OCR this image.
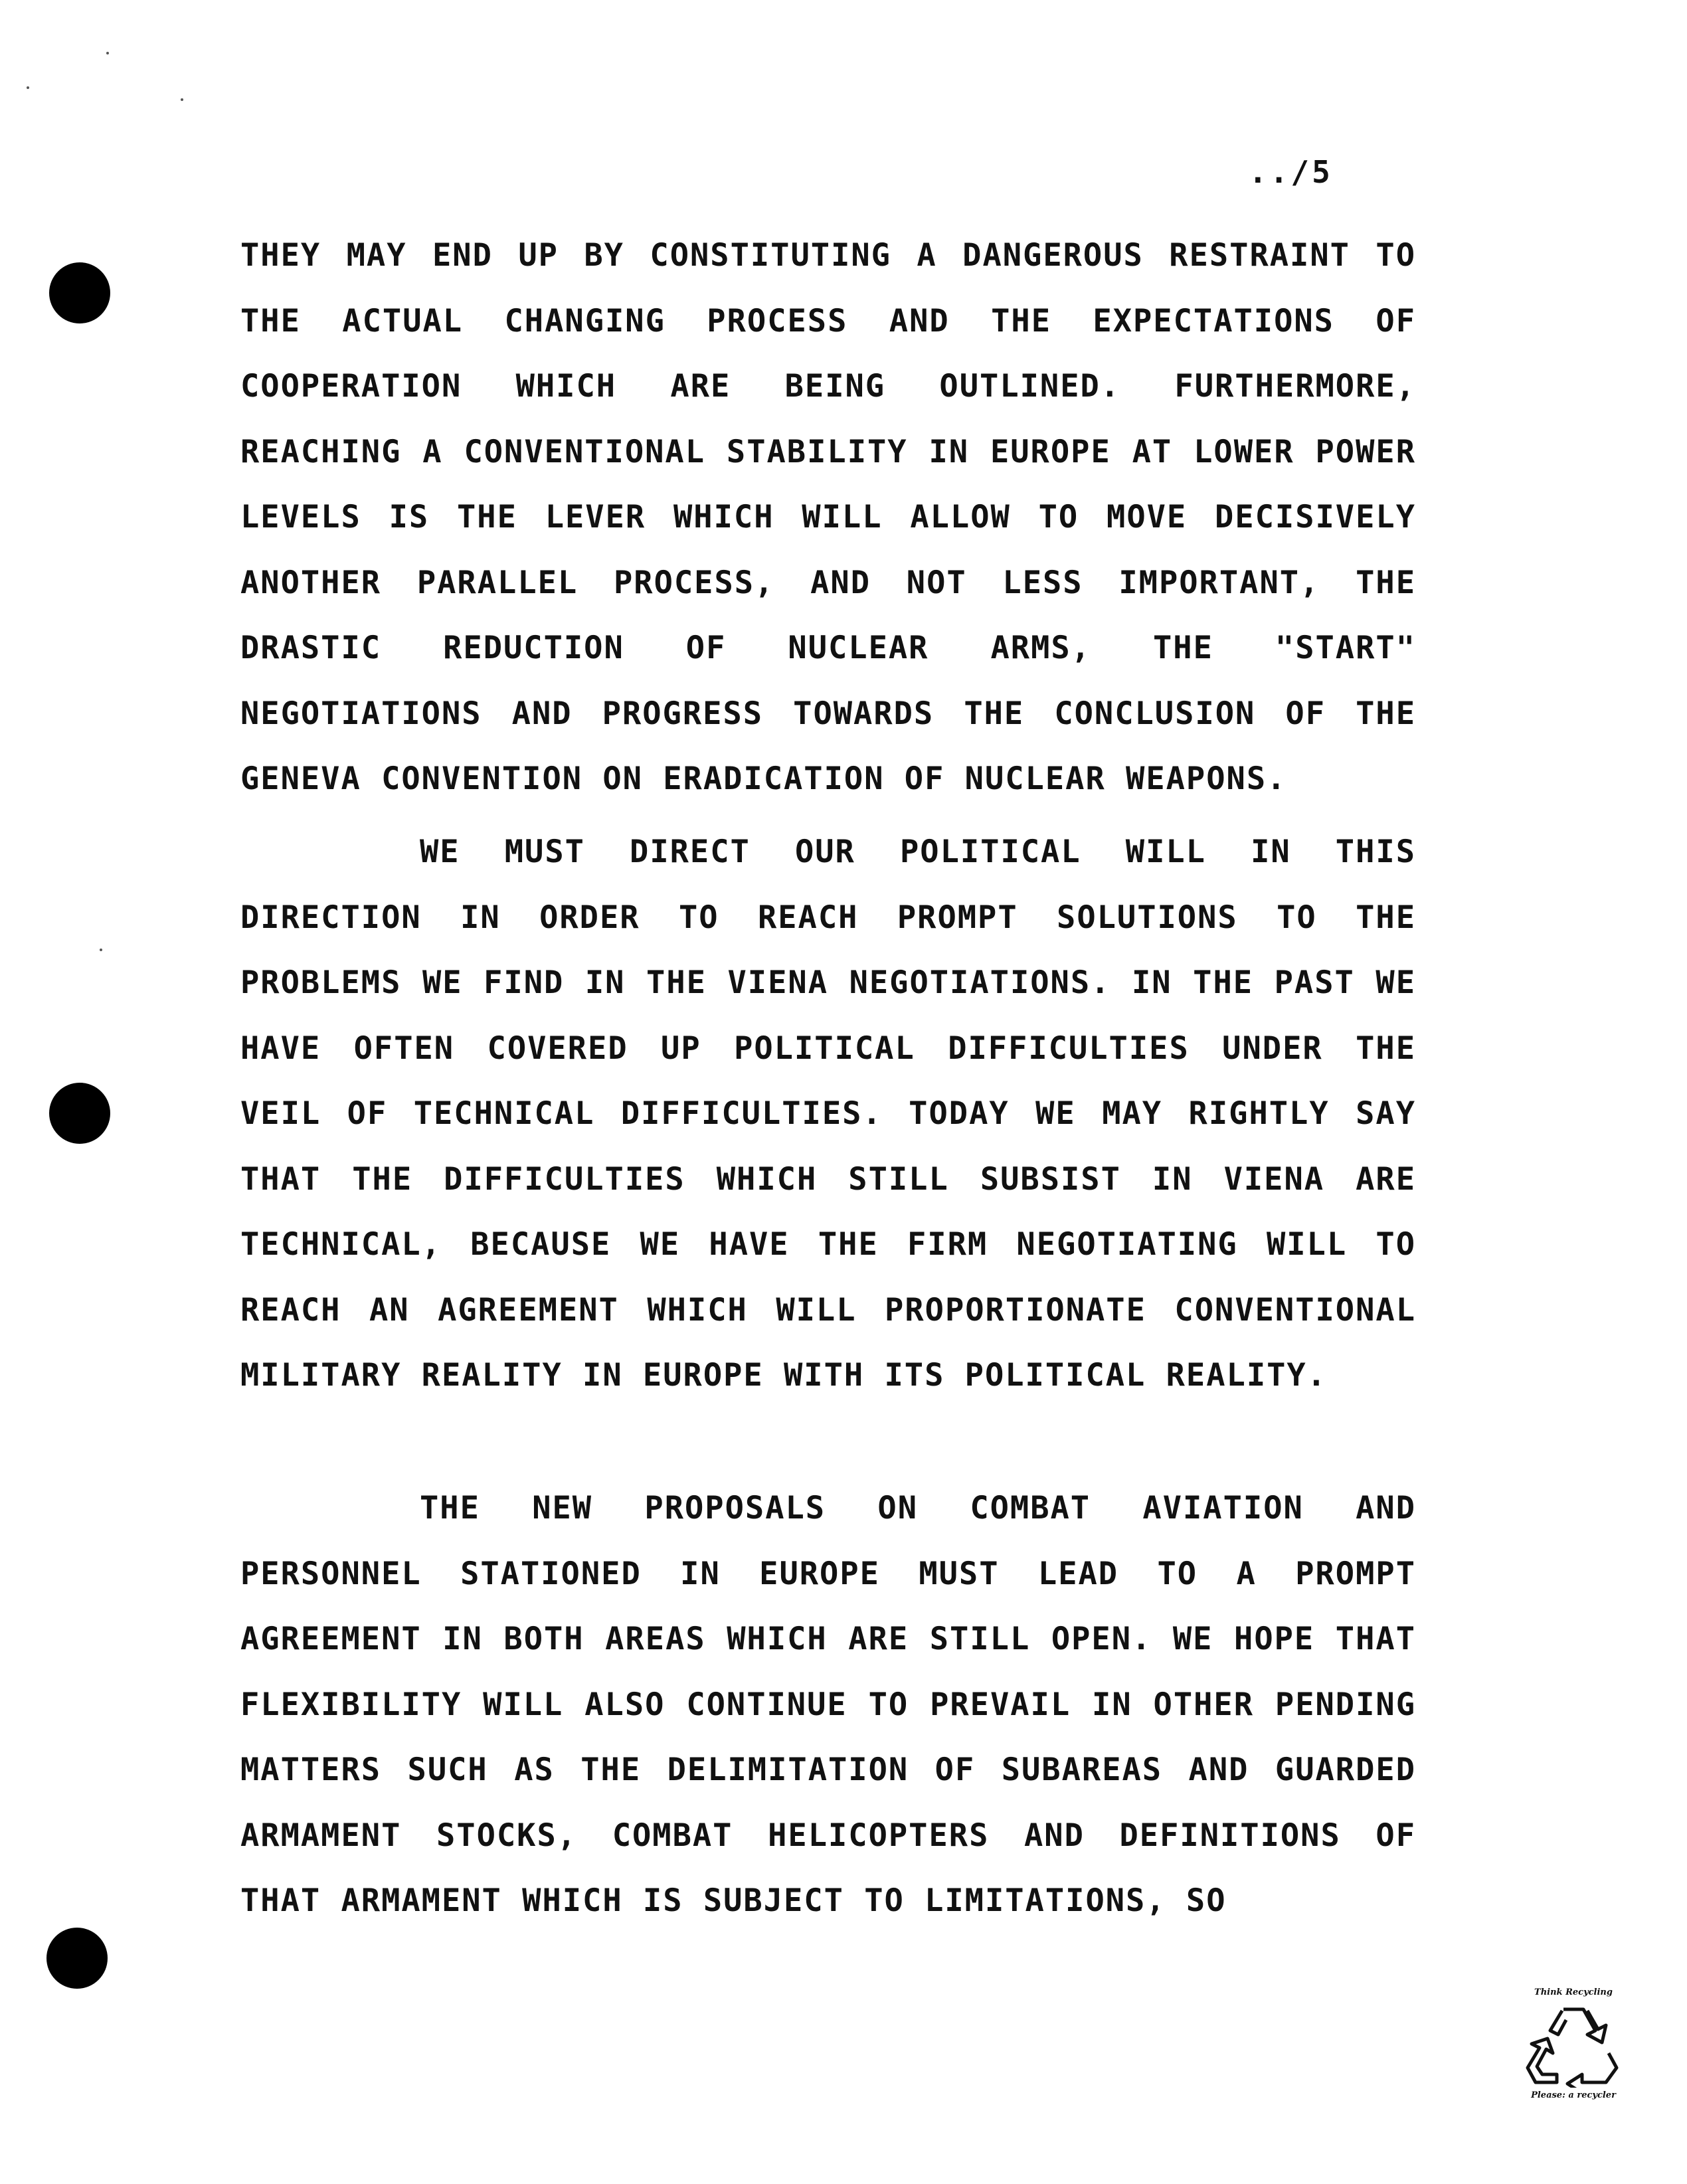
../5

THEY MAY END UP BY CONSTITUTING A DANGEROUS RESTRAINT TO THE ACTUAL CHANGING PROCESS AND THE EXPECTATIONS OF COOPERATION WHICH ARE BEING OUTLINED. FURTHERMORE, REACHING A CONVENTIONAL STABILITY IN EUROPE AT LOWER POWER LEVELS IS THE LEVER WHICH WILL ALLOW TO MOVE DECISIVELY ANOTHER PARALLEL PROCESS, AND NOT LESS IMPORTANT, THE DRASTIC REDUCTION OF NUCLEAR ARMS, THE "START" NEGOTIATIONS AND PROGRESS TOWARDS THE CONCLUSION OF THE GENEVA CONVENTION ON ERADICATION OF NUCLEAR WEAPONS.

WE MUST DIRECT OUR POLITICAL WILL IN THIS DIRECTION IN ORDER TO REACH PROMPT SOLUTIONS TO THE PROBLEMS WE FIND IN THE VIENA NEGOTIATIONS. IN THE PAST WE HAVE OFTEN COVERED UP POLITICAL DIFFICULTIES UNDER THE VEIL OF TECHNICAL DIFFICULTIES. TODAY WE MAY RIGHTLY SAY THAT THE DIFFICULTIES WHICH STILL SUBSIST IN VIENA ARE TECHNICAL, BECAUSE WE HAVE THE FIRM NEGOTIATING WILL TO REACH AN AGREEMENT WHICH WILL PROPORTIONATE CONVENTIONAL MILITARY REALITY IN EUROPE WITH ITS POLITICAL REALITY.

THE NEW PROPOSALS ON COMBAT AVIATION AND PERSONNEL STATIONED IN EUROPE MUST LEAD TO A PROMPT AGREEMENT IN BOTH AREAS WHICH ARE STILL OPEN. WE HOPE THAT FLEXIBILITY WILL ALSO CONTINUE TO PREVAIL IN OTHER PENDING MATTERS SUCH AS THE DELIMITATION OF SUBAREAS AND GUARDED ARMAMENT STOCKS, COMBAT HELICOPTERS AND DEFINITIONS OF THAT ARMAMENT WHICH IS SUBJECT TO LIMITATIONS, SO

Think Recycling
Please: a recycler
